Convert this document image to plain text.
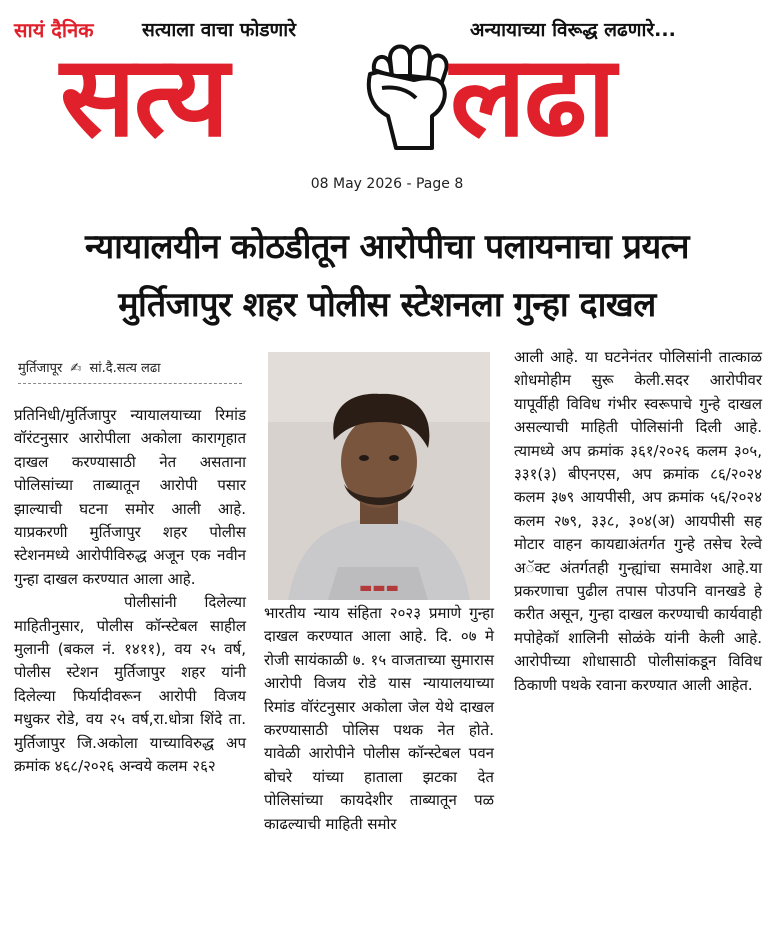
सायं दैनिक	सत्याला वाचा फोडणारे	अन्यायाच्या विरूद्ध लढणारे...
सत्य लढा
08 May 2026 - Page 8
न्यायालयीन कोठडीतून आरोपीचा पलायनाचा प्रयत्न
मुर्तिजापुर शहर पोलीस स्टेशनला गुन्हा दाखल
मुर्तिजापूर ✍ सां.दै.सत्य लढा

प्रतिनिधी/मुर्तिजापुर न्यायालयाच्या रिमांड वॉरंटनुसार आरोपीला अकोला कारागृहात दाखल करण्यासाठी नेत असताना पोलिसांच्या ताब्यातून आरोपी पसार झाल्याची घटना समोर आली आहे. याप्रकरणी मुर्तिजापुर शहर पोलीस स्टेशनमध्ये आरोपीविरुद्ध अजून एक नवीन गुन्हा दाखल करण्यात आला आहे.

पोलीसांनी दिलेल्या माहितीनुसार, पोलीस कॉन्स्टेबल साहील मुलानी (बकल नं. १४११), वय २५ वर्ष, पोलीस स्टेशन मुर्तिजापुर शहर यांनी दिलेल्या फिर्यादीवरून आरोपी विजय मधुकर रोडे, वय २५ वर्ष,रा.धोत्रा शिंदे ता. मुर्तिजापुर जि.अकोला याच्याविरुद्ध अप क्रमांक ४६८/२०२६ अन्वये कलम २६२

▬▬▬

भारतीय न्याय संहिता २०२३ प्रमाणे गुन्हा दाखल करण्यात आला आहे. दि. ०७ मे रोजी सायंकाळी ७. १५ वाजताच्या सुमारास आरोपी विजय रोडे यास न्यायालयाच्या रिमांड वॉरंटनुसार अकोला जेल येथे दाखल करण्यासाठी पोलिस पथक नेत होते. यावेळी आरोपीने पोलीस कॉन्स्टेबल पवन बोचरे यांच्या हाताला झटका देत पोलिसांच्या कायदेशीर ताब्यातून पळ काढल्याची माहिती समोर

आली आहे. या घटनेनंतर पोलिसांनी तात्काळ शोधमोहीम सुरू केली.सदर आरोपीवर यापूर्वीही विविध गंभीर स्वरूपाचे गुन्हे दाखल असल्याची माहिती पोलिसांनी दिली आहे. त्यामध्ये अप क्रमांक ३६१/२०२६ कलम ३०५, ३३१(३) बीएनएस, अप क्रमांक ८६/२०२४ कलम ३७९ आयपीसी, अप क्रमांक ५६/२०२४ कलम २७९, ३३८, ३०४(अ) आयपीसी सह मोटार वाहन कायद्याअंतर्गत गुन्हे तसेच रेल्वे अॅक्ट अंतर्गतही गुन्ह्यांचा समावेश आहे.या प्रकरणाचा पुढील तपास पोउपनि वानखडे हे करीत असून, गुन्हा दाखल करण्याची कार्यवाही मपोहेकॉ शालिनी सोळंके यांनी केली आहे. आरोपीच्या शोधासाठी पोलीसांकडून विविध ठिकाणी पथके रवाना करण्यात आली आहेत.
